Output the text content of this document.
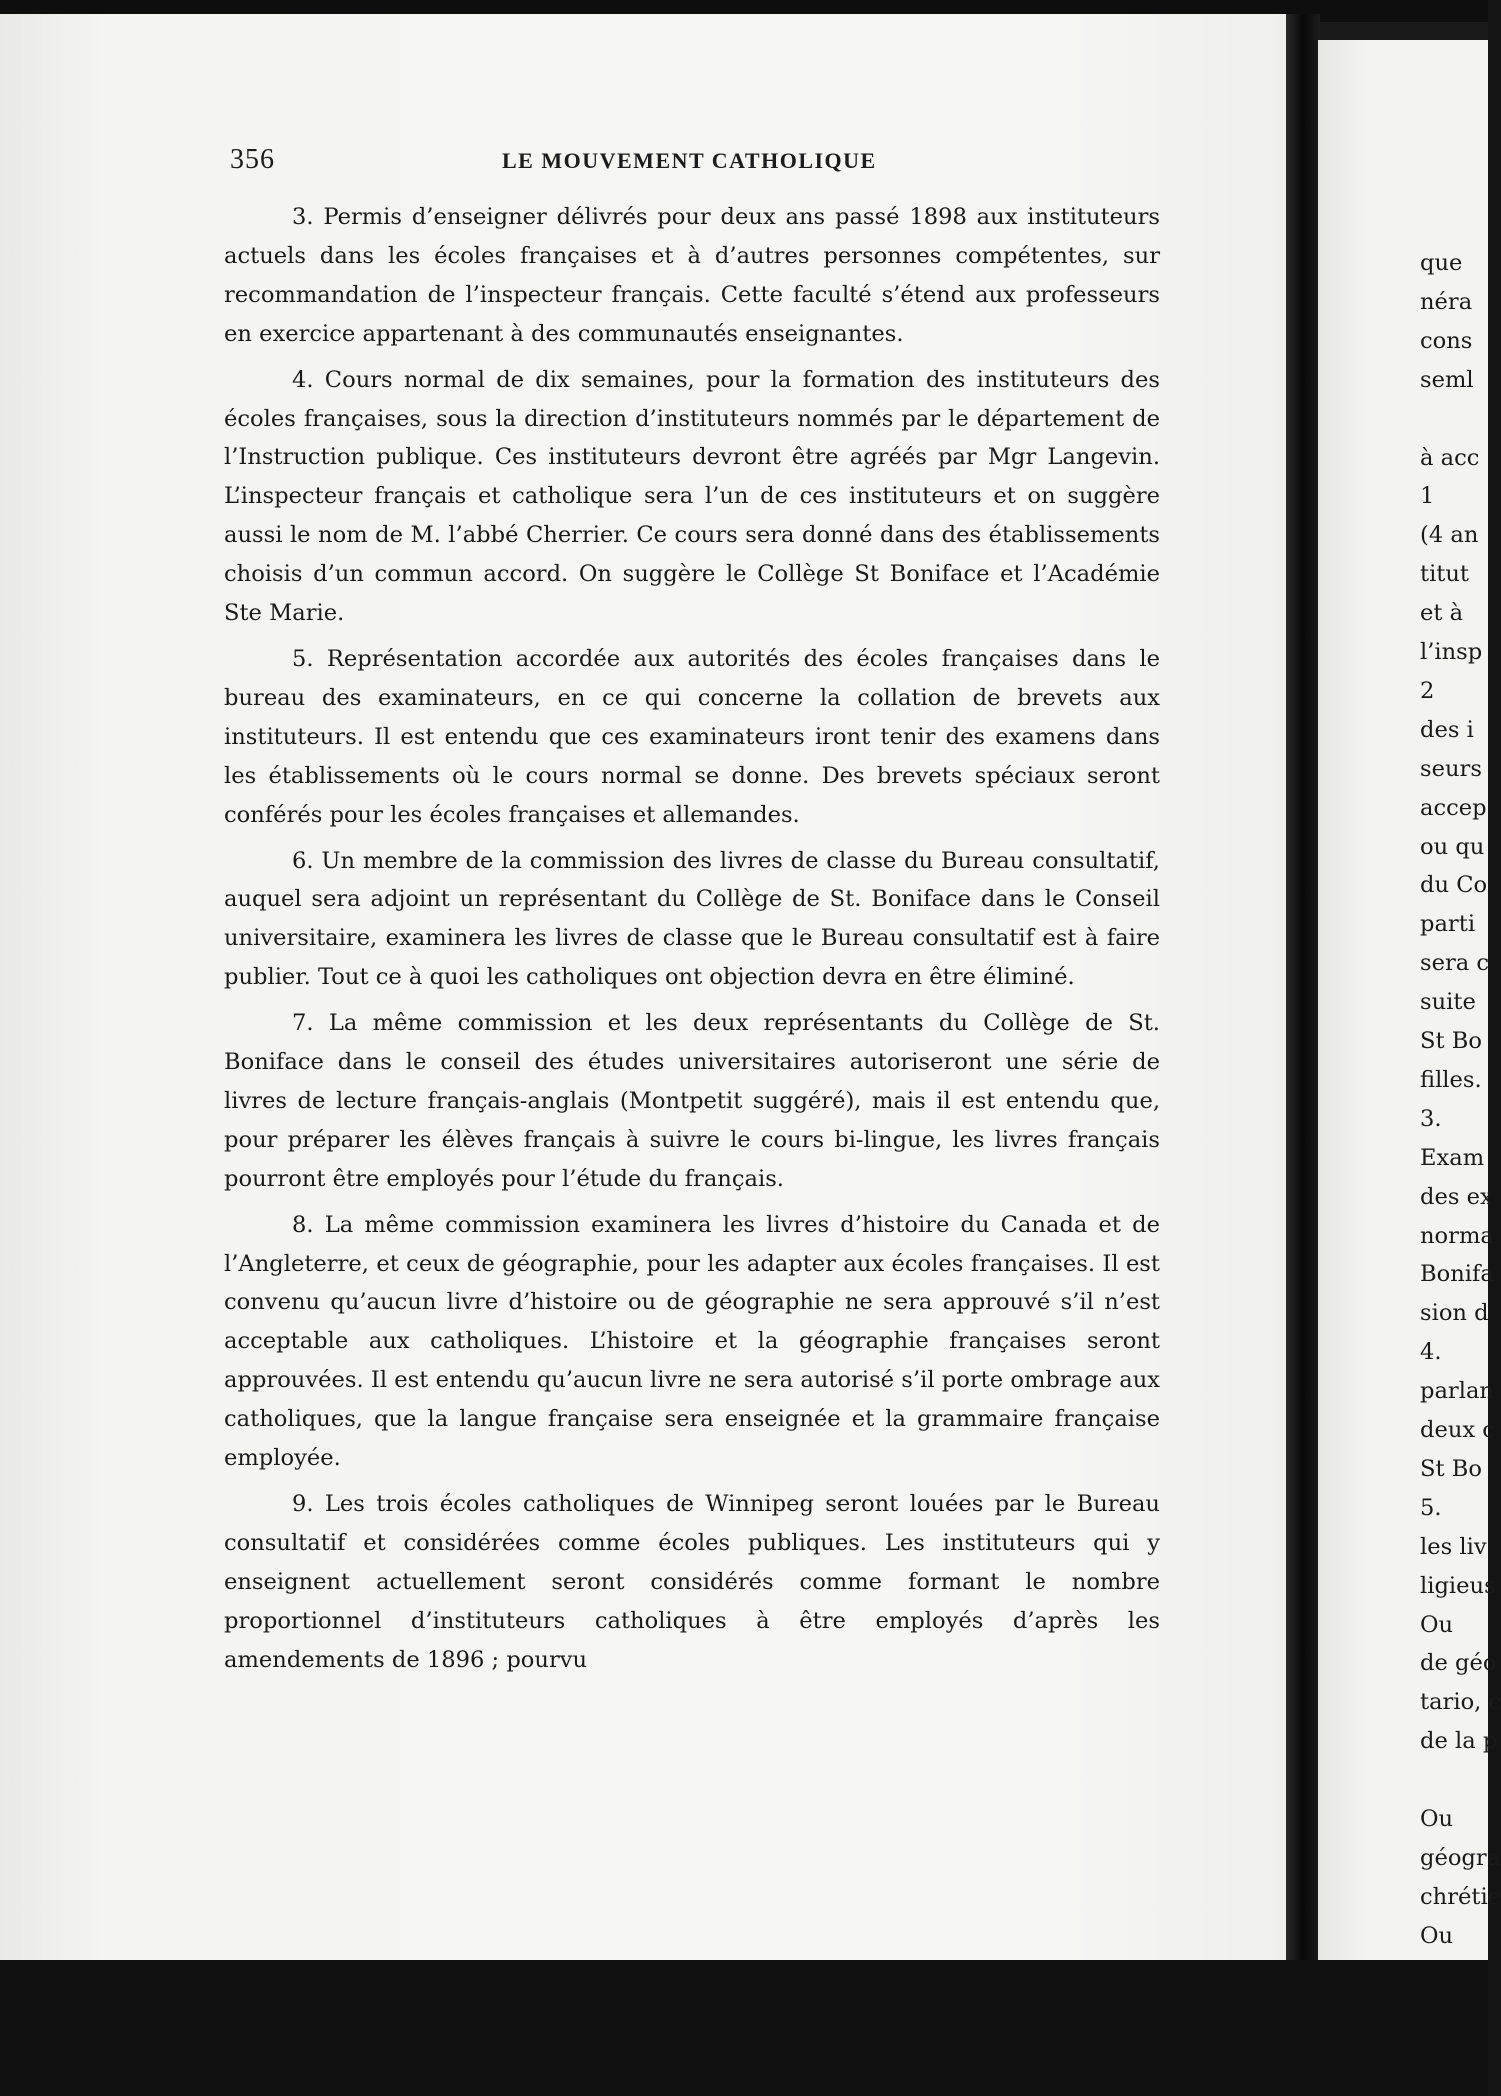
356	LE MOUVEMENT CATHOLIQUE

3. Permis d’enseigner délivrés pour deux ans passé 1898 aux instituteurs actuels dans les écoles françaises et à d’autres personnes compétentes, sur recommandation de l’inspecteur français. Cette faculté s’étend aux professeurs en exercice appartenant à des communautés enseignantes.

4. Cours normal de dix semaines, pour la formation des instituteurs des écoles françaises, sous la direction d’instituteurs nommés par le département de l’Instruction publique. Ces instituteurs devront être agréés par Mgr Langevin. L’inspecteur français et catholique sera l’un de ces instituteurs et on suggère aussi le nom de M. l’abbé Cherrier. Ce cours sera donné dans des établissements choisis d’un commun accord. On suggère le Collège St Boniface et l’Académie Ste Marie.

5. Représentation accordée aux autorités des écoles françaises dans le bureau des examinateurs, en ce qui concerne la collation de brevets aux instituteurs. Il est entendu que ces examinateurs iront tenir des examens dans les établissements où le cours normal se donne. Des brevets spéciaux seront conférés pour les écoles françaises et allemandes.

6. Un membre de la commission des livres de classe du Bureau consultatif, auquel sera adjoint un représentant du Collège de St. Boniface dans le Conseil universitaire, examinera les livres de classe que le Bureau consultatif est à faire publier. Tout ce à quoi les catholiques ont objection devra en être éliminé.

7. La même commission et les deux représentants du Collège de St. Boniface dans le conseil des études universitaires autoriseront une série de livres de lecture français-anglais (Montpetit suggéré), mais il est entendu que, pour préparer les élèves français à suivre le cours bi-lingue, les livres français pourront être employés pour l’étude du français.

8. La même commission examinera les livres d’histoire du Canada et de l’Angleterre, et ceux de géographie, pour les adapter aux écoles françaises. Il est convenu qu’aucun livre d’histoire ou de géographie ne sera approuvé s’il n’est acceptable aux catholiques. L’histoire et la géographie françaises seront approuvées. Il est entendu qu’aucun livre ne sera autorisé s’il porte ombrage aux catholiques, que la langue française sera enseignée et la grammaire française employée.

9. Les trois écoles catholiques de Winnipeg seront louées par le Bureau consultatif et considérées comme écoles publiques. Les instituteurs qui y enseignent actuellement seront considérés comme formant le nombre proportionnel d’instituteurs catholiques à être employés d’après les amendements de 1896 ; pourvu

que
néra
cons
seml
à acc
1
(4 an
titut
et à
l’insp
2
des i
seurs
accep
ou qu
du Co
parti
sera c
suite
St Bo
filles.
3.
Exam
des ex
norma
Bonifa
sion d
4.
parlan
deux c
St Bo
5.
les liv
ligieus
Ou
de géo
tario, c
de la p
Ou
géogra
chrétie
Ou
